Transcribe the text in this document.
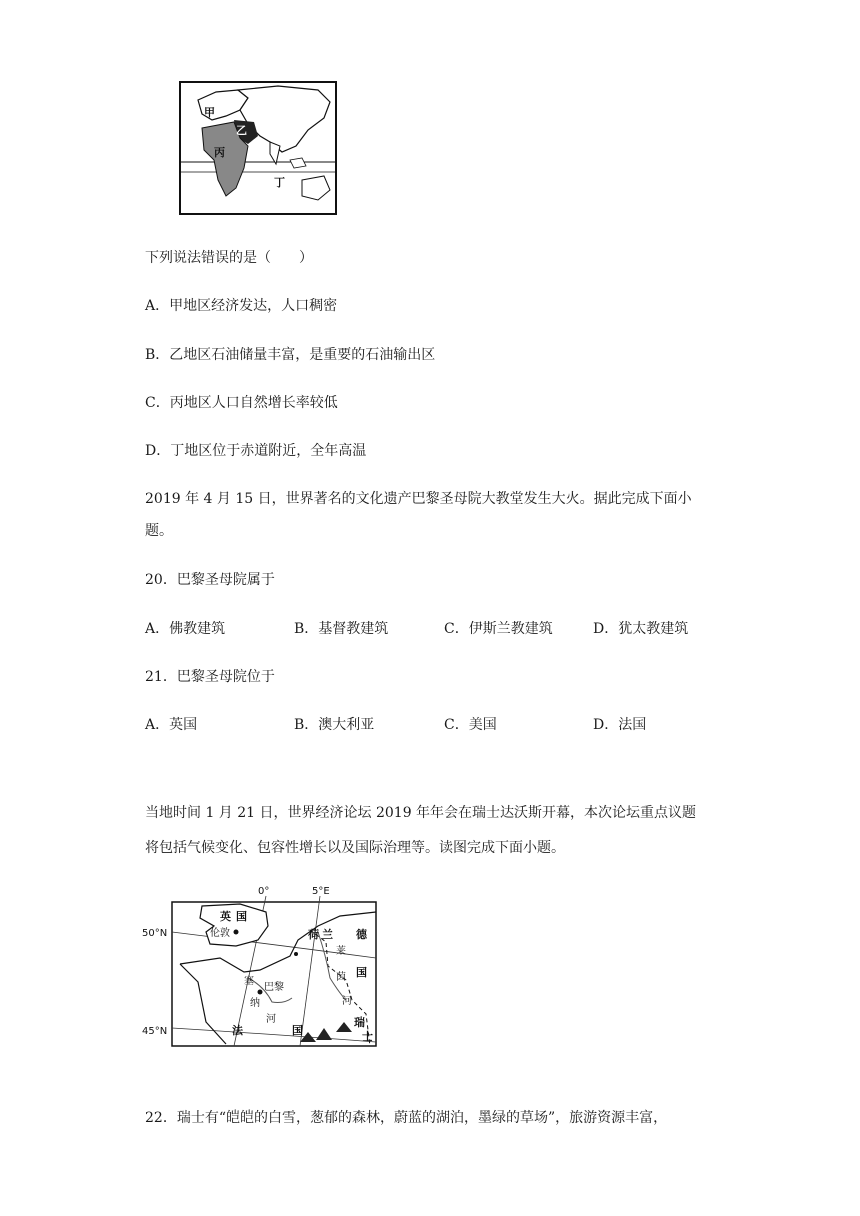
甲
乙
丙
丁
下列说法错误的是（　　）
A．甲地区经济发达，人口稠密
B．乙地区石油储量丰富，是重要的石油输出区
C．丙地区人口自然增长率较低
D．丁地区位于赤道附近，全年高温
2019 年 4 月 15 日，世界著名的文化遗产巴黎圣母院大教堂发生大火。据此完成下面小
题。
20．巴黎圣母院属于
A．佛教建筑	B．基督教建筑	C．伊斯兰教建筑	D．犹太教建筑
21．巴黎圣母院位于
A．英国	B．澳大利亚	C．美国	D．法国
当地时间 1 月 21 日，世界经济论坛 2019 年年会在瑞士达沃斯开幕，本次论坛重点议题
将包括气候变化、包容性增长以及国际治理等。读图完成下面小题。
0°	5°E
50°N
45°N
英 国
伦敦	荷 兰 德
国
莱
茵
河
塞
纳
河
巴黎
法	国
瑞
士
22．瑞士有“皑皑的白雪，葱郁的森林，蔚蓝的湖泊，墨绿的草场”，旅游资源丰富，
